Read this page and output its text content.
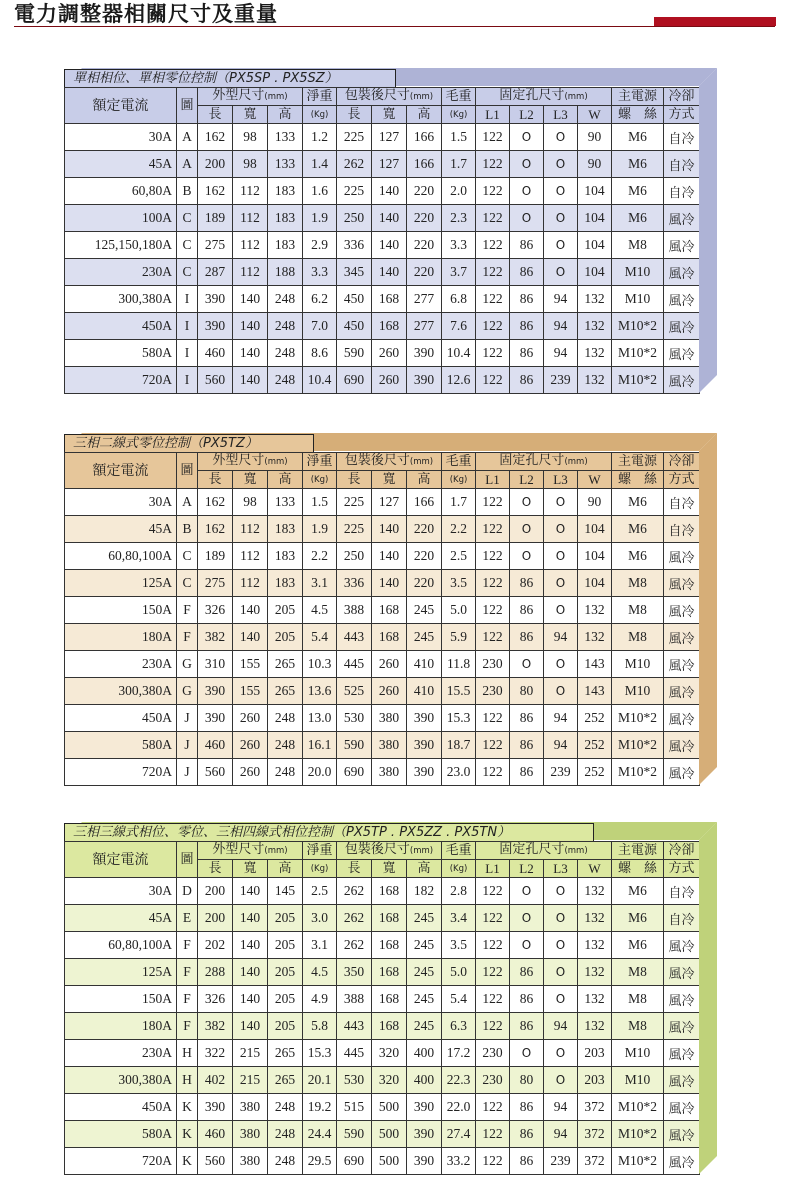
電力調整器相關尺寸及重量
單相相位、單相零位控制（PX5SP . PX5SZ）
額定電流	圖	外型尺寸(mm)			淨重	包裝後尺寸(mm)			毛重	固定孔尺寸(mm)				主電源	冷卻
		長	寬	高	(Kg)	長	寬	高	(Kg)	L1	L2	L3	W	螺　絲	方式
30A	A	162	98	133	1.2	225	127	166	1.5	122	O	O	90	M6	自冷
45A	A	200	98	133	1.4	262	127	166	1.7	122	O	O	90	M6	自冷
60,80A	B	162	112	183	1.6	225	140	220	2.0	122	O	O	104	M6	自冷
100A	C	189	112	183	1.9	250	140	220	2.3	122	O	O	104	M6	風冷
125,150,180A	C	275	112	183	2.9	336	140	220	3.3	122	86	O	104	M8	風冷
230A	C	287	112	188	3.3	345	140	220	3.7	122	86	O	104	M10	風冷
300,380A	I	390	140	248	6.2	450	168	277	6.8	122	86	94	132	M10	風冷
450A	I	390	140	248	7.0	450	168	277	7.6	122	86	94	132	M10*2	風冷
580A	I	460	140	248	8.6	590	260	390	10.4	122	86	94	132	M10*2	風冷
720A	I	560	140	248	10.4	690	260	390	12.6	122	86	239	132	M10*2	風冷
三相二線式零位控制（PX5TZ）
額定電流	圖	外型尺寸(mm)			淨重	包裝後尺寸(mm)			毛重	固定孔尺寸(mm)				主電源	冷卻
		長	寬	高	(Kg)	長	寬	高	(Kg)	L1	L2	L3	W	螺　絲	方式
30A	A	162	98	133	1.5	225	127	166	1.7	122	O	O	90	M6	自冷
45A	B	162	112	183	1.9	225	140	220	2.2	122	O	O	104	M6	自冷
60,80,100A	C	189	112	183	2.2	250	140	220	2.5	122	O	O	104	M6	風冷
125A	C	275	112	183	3.1	336	140	220	3.5	122	86	O	104	M8	風冷
150A	F	326	140	205	4.5	388	168	245	5.0	122	86	O	132	M8	風冷
180A	F	382	140	205	5.4	443	168	245	5.9	122	86	94	132	M8	風冷
230A	G	310	155	265	10.3	445	260	410	11.8	230	O	O	143	M10	風冷
300,380A	G	390	155	265	13.6	525	260	410	15.5	230	80	O	143	M10	風冷
450A	J	390	260	248	13.0	530	380	390	15.3	122	86	94	252	M10*2	風冷
580A	J	460	260	248	16.1	590	380	390	18.7	122	86	94	252	M10*2	風冷
720A	J	560	260	248	20.0	690	380	390	23.0	122	86	239	252	M10*2	風冷
三相三線式相位、零位、三相四線式相位控制（PX5TP . PX5ZZ . PX5TN）
額定電流	圖	外型尺寸(mm)			淨重	包裝後尺寸(mm)			毛重	固定孔尺寸(mm)				主電源	冷卻
		長	寬	高	(Kg)	長	寬	高	(Kg)	L1	L2	L3	W	螺　絲	方式
30A	D	200	140	145	2.5	262	168	182	2.8	122	O	O	132	M6	自冷
45A	E	200	140	205	3.0	262	168	245	3.4	122	O	O	132	M6	自冷
60,80,100A	F	202	140	205	3.1	262	168	245	3.5	122	O	O	132	M6	風冷
125A	F	288	140	205	4.5	350	168	245	5.0	122	86	O	132	M8	風冷
150A	F	326	140	205	4.9	388	168	245	5.4	122	86	O	132	M8	風冷
180A	F	382	140	205	5.8	443	168	245	6.3	122	86	94	132	M8	風冷
230A	H	322	215	265	15.3	445	320	400	17.2	230	O	O	203	M10	風冷
300,380A	H	402	215	265	20.1	530	320	400	22.3	230	80	O	203	M10	風冷
450A	K	390	380	248	19.2	515	500	390	22.0	122	86	94	372	M10*2	風冷
580A	K	460	380	248	24.4	590	500	390	27.4	122	86	94	372	M10*2	風冷
720A	K	560	380	248	29.5	690	500	390	33.2	122	86	239	372	M10*2	風冷
